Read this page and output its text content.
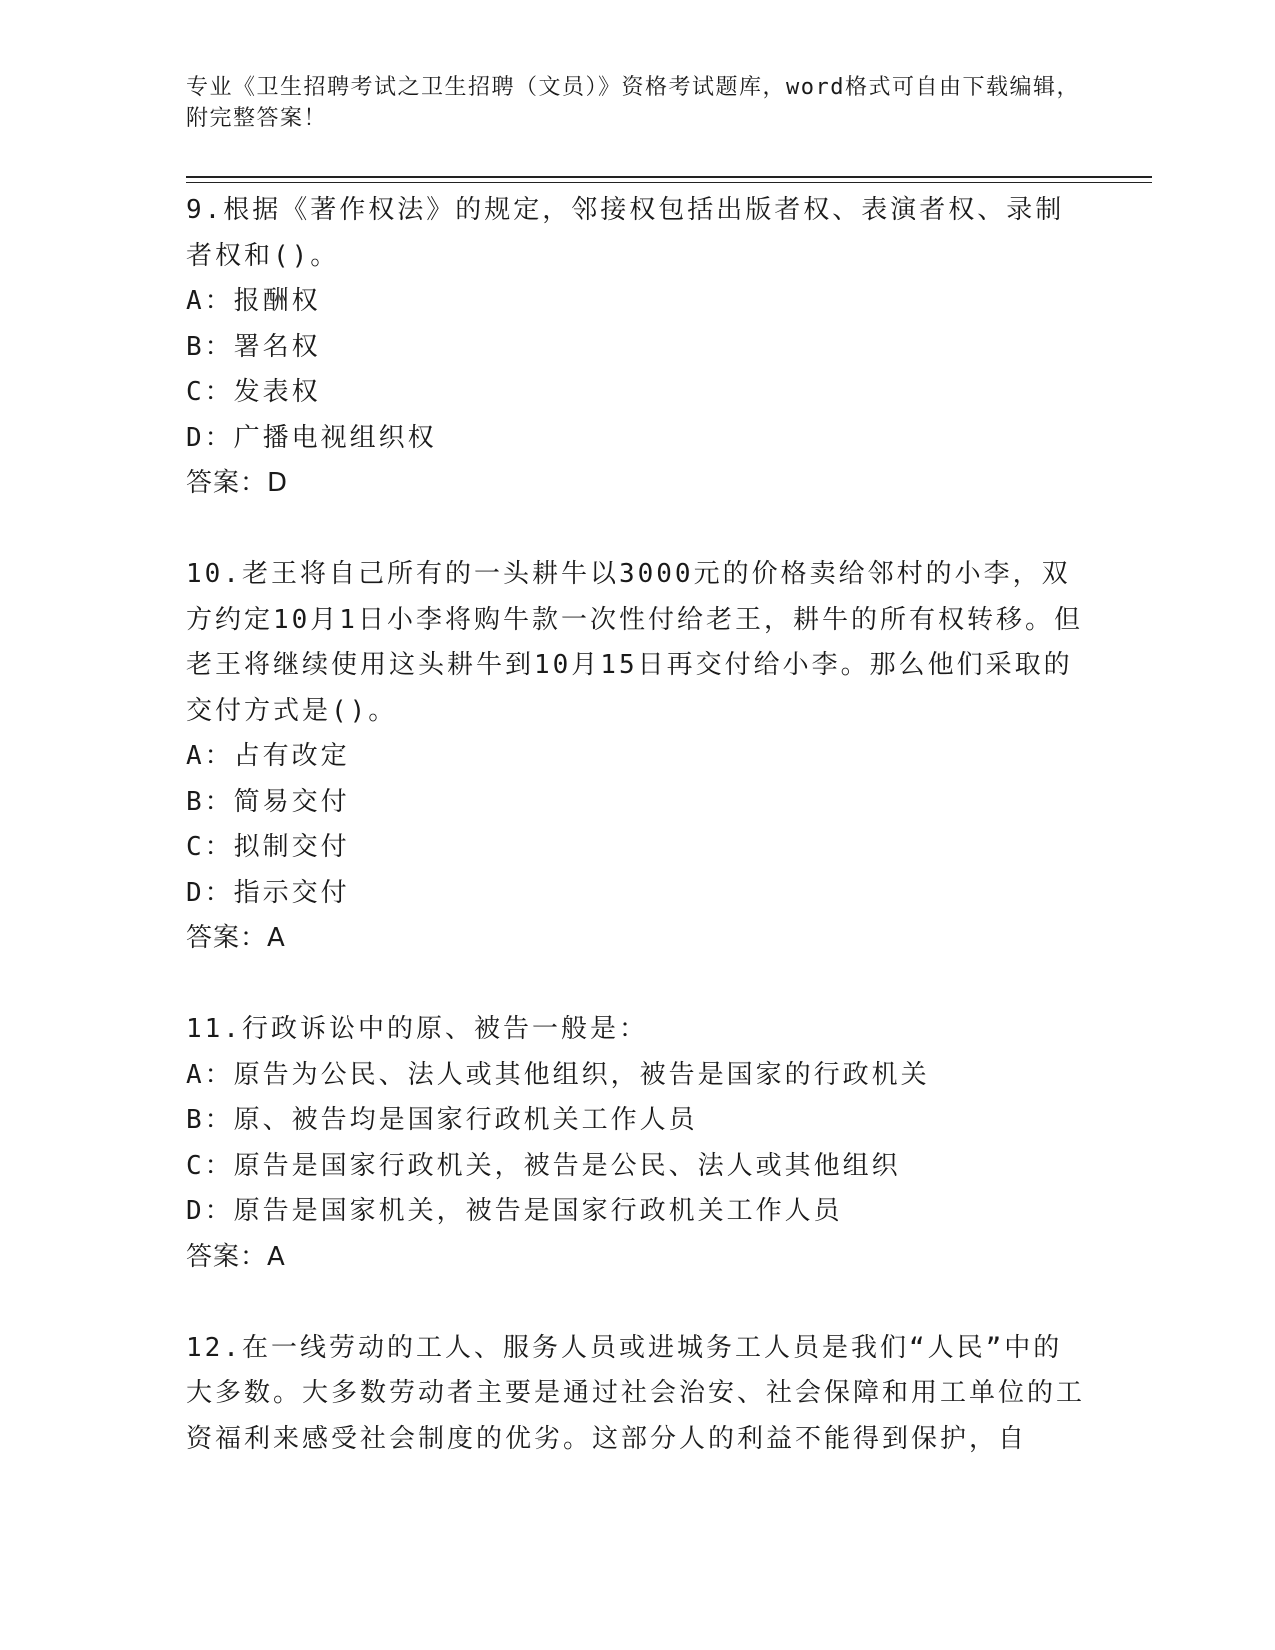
专业《卫生招聘考试之卫生招聘（文员）》资格考试题库，word格式可自由下载编辑，附完整答案！

9.根据《著作权法》的规定，邻接权包括出版者权、表演者权、录制者权和()。

A：报酬权

B：署名权

C：发表权

D：广播电视组织权

答案：D

10.老王将自己所有的一头耕牛以3000元的价格卖给邻村的小李，双方约定10月1日小李将购牛款一次性付给老王，耕牛的所有权转移。但老王将继续使用这头耕牛到10月15日再交付给小李。那么他们采取的交付方式是()。

A：占有改定

B：简易交付

C：拟制交付

D：指示交付

答案：A

11.行政诉讼中的原、被告一般是：

A：原告为公民、法人或其他组织，被告是国家的行政机关

B：原、被告均是国家行政机关工作人员

C：原告是国家行政机关，被告是公民、法人或其他组织

D：原告是国家机关，被告是国家行政机关工作人员

答案：A

12.在一线劳动的工人、服务人员或进城务工人员是我们“人民”中的大多数。大多数劳动者主要是通过社会治安、社会保障和用工单位的工资福利来感受社会制度的优劣。这部分人的利益不能得到保护，自
